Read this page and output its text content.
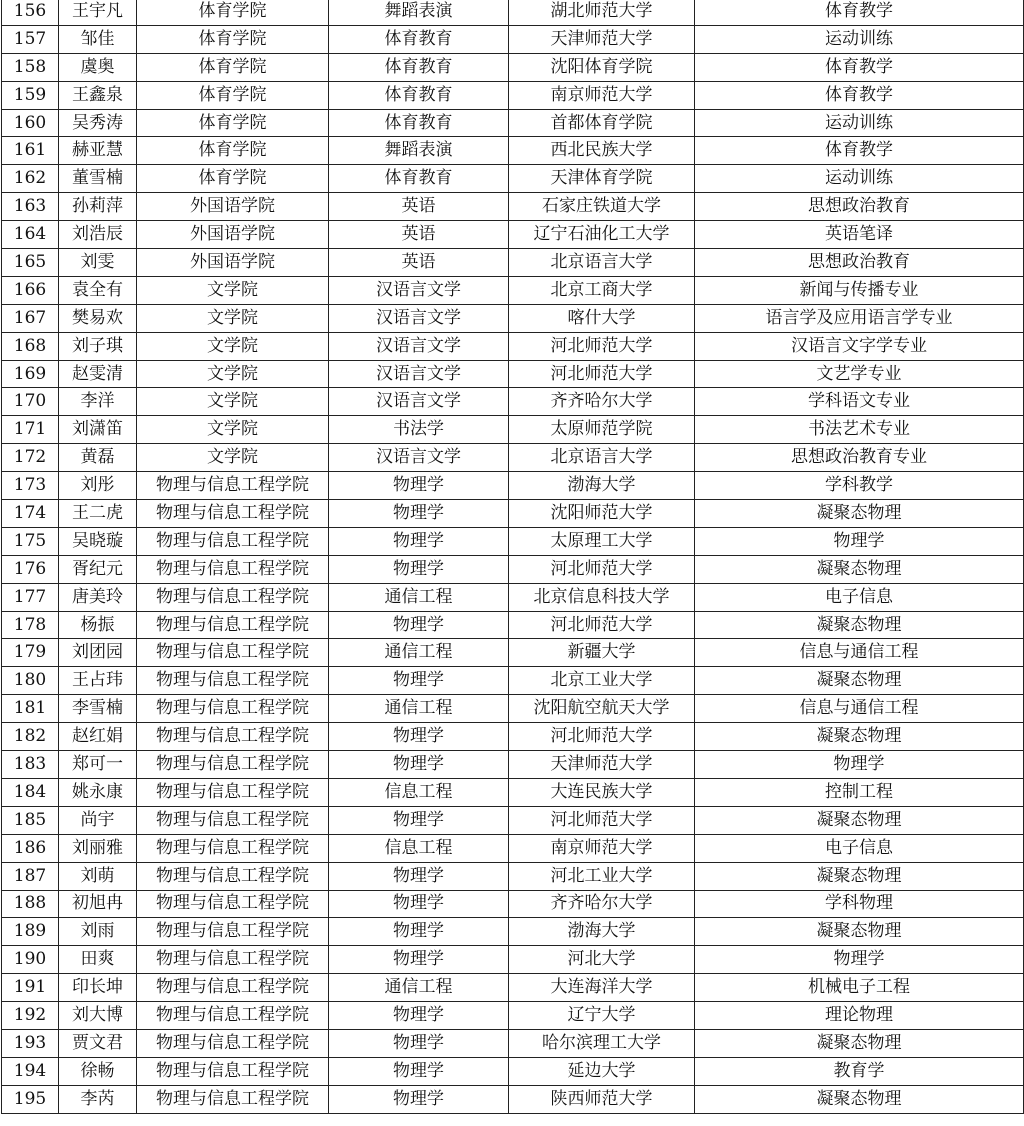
156	王宇凡	体育学院	舞蹈表演	湖北师范大学	体育教学
157	邹佳	体育学院	体育教育	天津师范大学	运动训练
158	虞奥	体育学院	体育教育	沈阳体育学院	体育教学
159	王鑫泉	体育学院	体育教育	南京师范大学	体育教学
160	吴秀涛	体育学院	体育教育	首都体育学院	运动训练
161	赫亚慧	体育学院	舞蹈表演	西北民族大学	体育教学
162	董雪楠	体育学院	体育教育	天津体育学院	运动训练
163	孙莉萍	外国语学院	英语	石家庄铁道大学	思想政治教育
164	刘浩辰	外国语学院	英语	辽宁石油化工大学	英语笔译
165	刘雯	外国语学院	英语	北京语言大学	思想政治教育
166	袁全有	文学院	汉语言文学	北京工商大学	新闻与传播专业
167	樊易欢	文学院	汉语言文学	喀什大学	语言学及应用语言学专业
168	刘子琪	文学院	汉语言文学	河北师范大学	汉语言文字学专业
169	赵雯清	文学院	汉语言文学	河北师范大学	文艺学专业
170	李洋	文学院	汉语言文学	齐齐哈尔大学	学科语文专业
171	刘潇笛	文学院	书法学	太原师范学院	书法艺术专业
172	黄磊	文学院	汉语言文学	北京语言大学	思想政治教育专业
173	刘彤	物理与信息工程学院	物理学	渤海大学	学科教学
174	王二虎	物理与信息工程学院	物理学	沈阳师范大学	凝聚态物理
175	吴晓璇	物理与信息工程学院	物理学	太原理工大学	物理学
176	胥纪元	物理与信息工程学院	物理学	河北师范大学	凝聚态物理
177	唐美玲	物理与信息工程学院	通信工程	北京信息科技大学	电子信息
178	杨振	物理与信息工程学院	物理学	河北师范大学	凝聚态物理
179	刘团园	物理与信息工程学院	通信工程	新疆大学	信息与通信工程
180	王占玮	物理与信息工程学院	物理学	北京工业大学	凝聚态物理
181	李雪楠	物理与信息工程学院	通信工程	沈阳航空航天大学	信息与通信工程
182	赵红娟	物理与信息工程学院	物理学	河北师范大学	凝聚态物理
183	郑可一	物理与信息工程学院	物理学	天津师范大学	物理学
184	姚永康	物理与信息工程学院	信息工程	大连民族大学	控制工程
185	尚宇	物理与信息工程学院	物理学	河北师范大学	凝聚态物理
186	刘丽雅	物理与信息工程学院	信息工程	南京师范大学	电子信息
187	刘萌	物理与信息工程学院	物理学	河北工业大学	凝聚态物理
188	初旭冉	物理与信息工程学院	物理学	齐齐哈尔大学	学科物理
189	刘雨	物理与信息工程学院	物理学	渤海大学	凝聚态物理
190	田爽	物理与信息工程学院	物理学	河北大学	物理学
191	印长坤	物理与信息工程学院	通信工程	大连海洋大学	机械电子工程
192	刘大博	物理与信息工程学院	物理学	辽宁大学	理论物理
193	贾文君	物理与信息工程学院	物理学	哈尔滨理工大学	凝聚态物理
194	徐畅	物理与信息工程学院	物理学	延边大学	教育学
195	李芮	物理与信息工程学院	物理学	陕西师范大学	凝聚态物理
